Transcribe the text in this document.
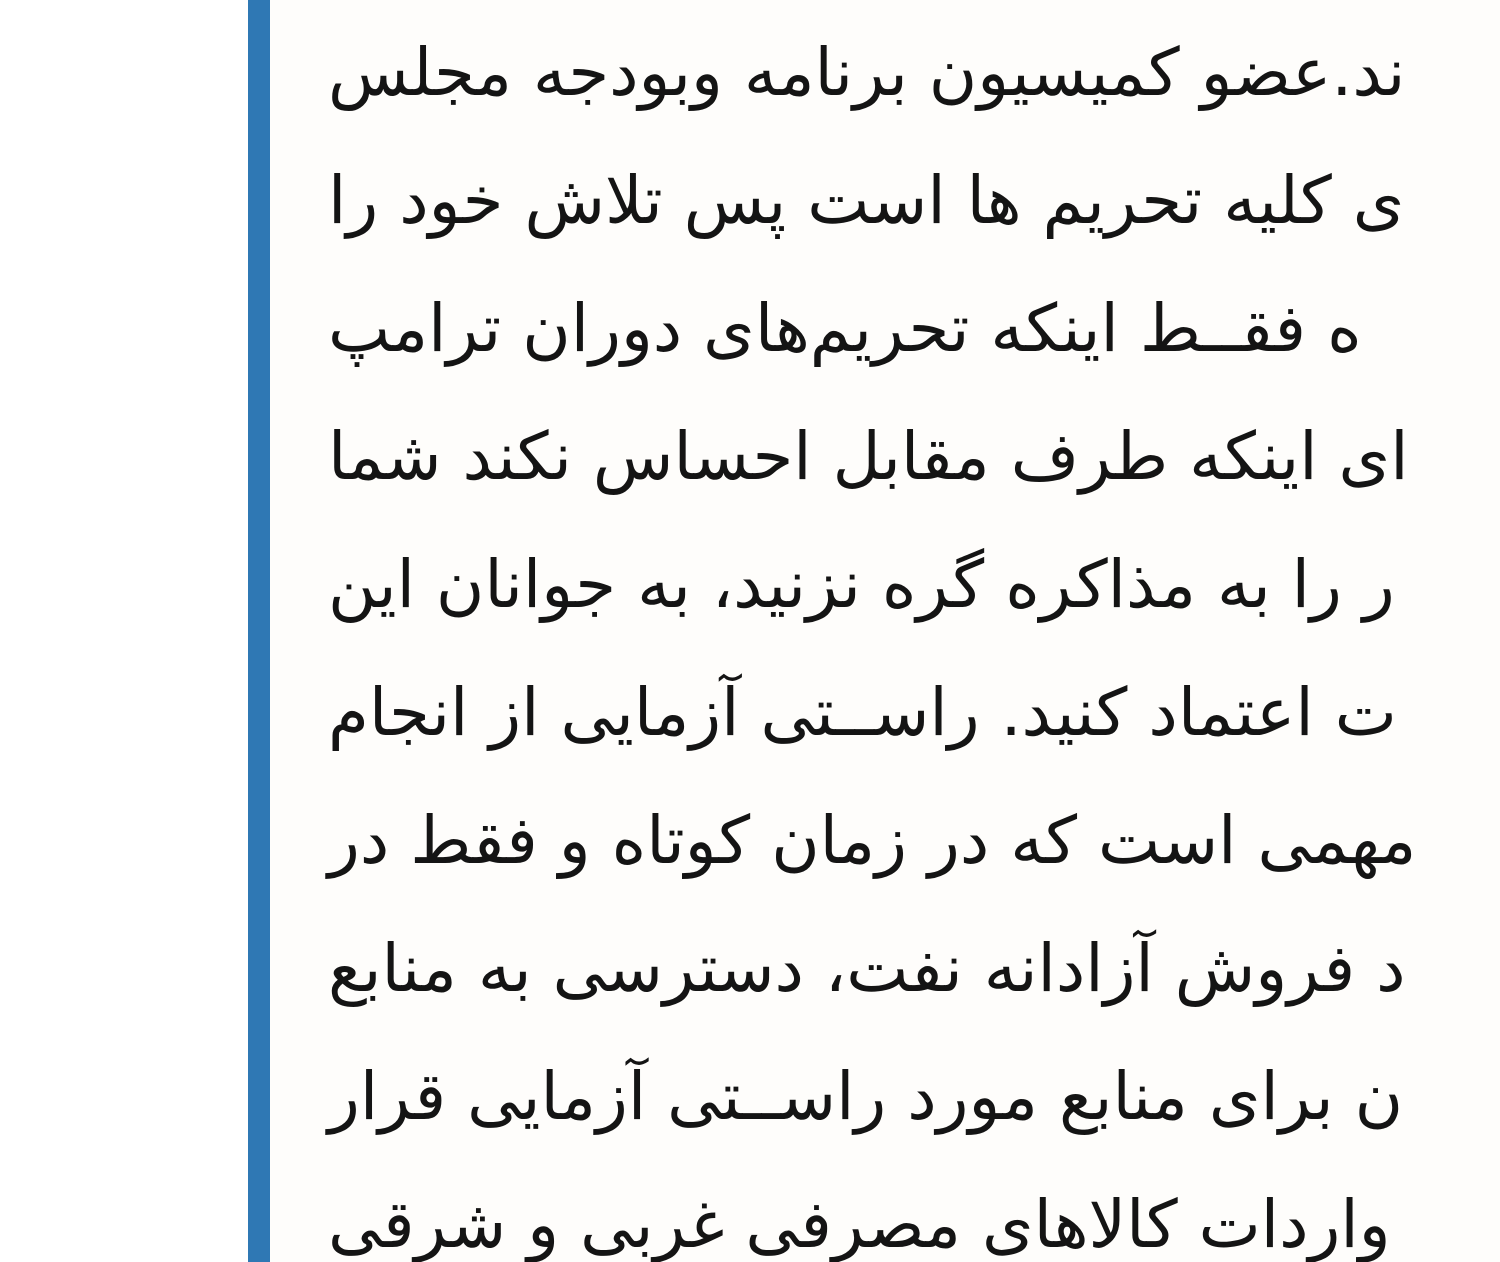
ند.عضو کمیسیون برنامه وبودجه مجلس
ی کلیه تحریم ها است پس تلاش خود را
ه فقــط اینکه تحریم‌های دوران ترامپ
ای اینکه طرف مقابل احساس نکند شما
ر را به مذاکره گره نزنید، به جوانان این
ت اعتماد کنید. راســتی آزمایی از انجام
مهمی است که در زمان کوتاه و فقط در
د فروش آزادانه نفت، دسترسی به منابع
ن برای منابع مورد راســتی آزمایی قرار
واردات کالاهای مصرفی غربی و شرقی
